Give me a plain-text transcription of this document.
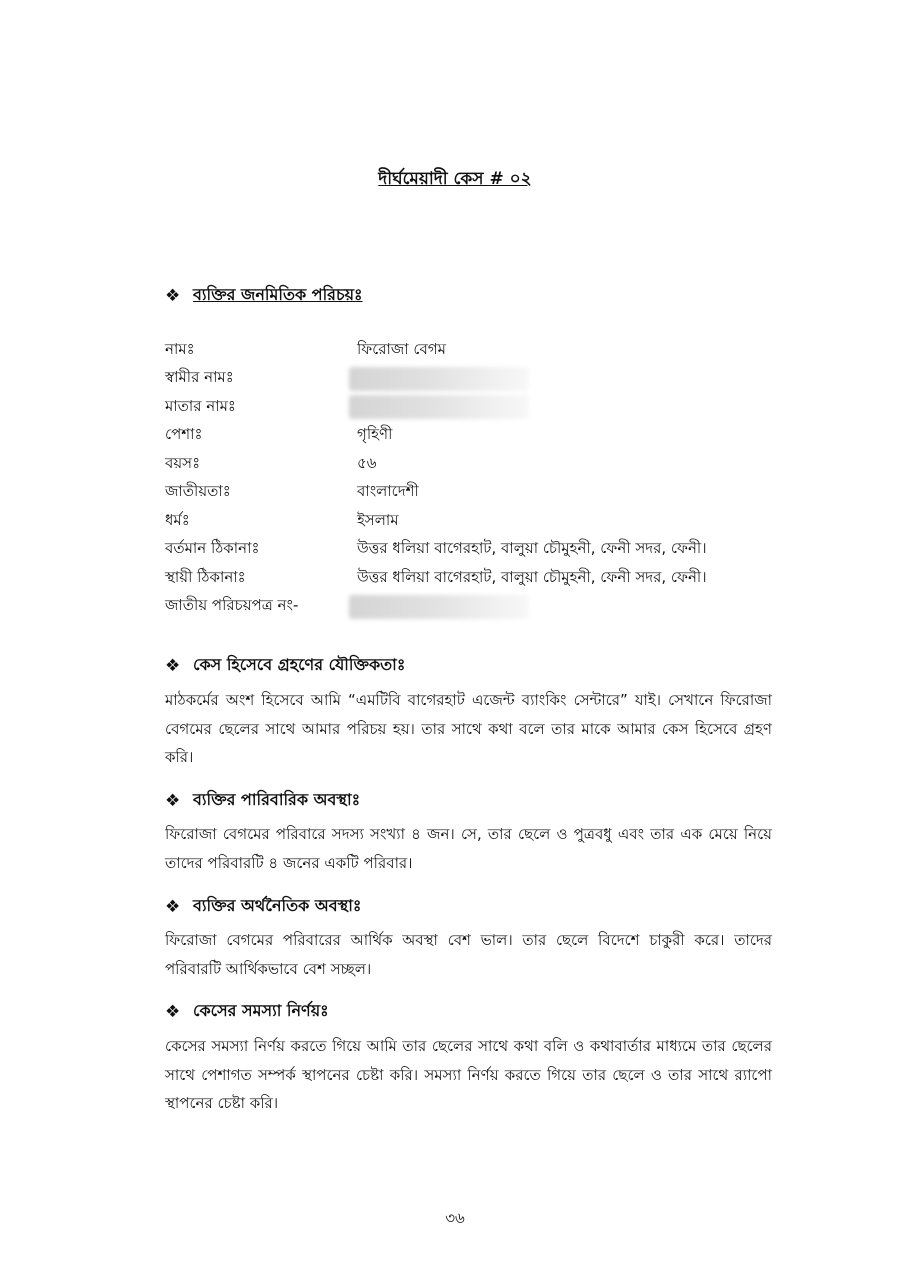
দীর্ঘমেয়াদী কেস # ০২
❖ ব্যক্তির জনমিতিক পরিচয়ঃ
নামঃ	ফিরোজা বেগম
স্বামীর নামঃ
মাতার নামঃ
পেশাঃ	গৃহিণী
বয়সঃ	৫৬
জাতীয়তাঃ	বাংলাদেশী
ধর্মঃ	ইসলাম
বর্তমান ঠিকানাঃ	উত্তর ধলিয়া বাগেরহাট, বালুয়া চৌমুহনী, ফেনী সদর, ফেনী।
স্থায়ী ঠিকানাঃ	উত্তর ধলিয়া বাগেরহাট, বালুয়া চৌমুহনী, ফেনী সদর, ফেনী।
জাতীয় পরিচয়পত্র নং-
❖ কেস হিসেবে গ্রহণের যৌক্তিকতাঃ

মাঠকর্মের অংশ হিসেবে আমি “এমটিবি বাগেরহাট এজেন্ট ব্যাংকিং সেন্টারে” যাই। সেখানে ফিরোজা বেগমের ছেলের সাথে আমার পরিচয় হয়। তার সাথে কথা বলে তার মাকে আমার কেস হিসেবে গ্রহণ করি।

❖ ব্যক্তির পারিবারিক অবস্থাঃ

ফিরোজা বেগমের পরিবারে সদস্য সংখ্যা ৪ জন। সে, তার ছেলে ও পুত্রবধু এবং তার এক মেয়ে নিয়ে তাদের পরিবারটি ৪ জনের একটি পরিবার।

❖ ব্যক্তির অর্থনৈতিক অবস্থাঃ

ফিরোজা বেগমের পরিবারের আর্থিক অবস্থা বেশ ভাল। তার ছেলে বিদেশে চাকুরী করে। তাদের পরিবারটি আর্থিকভাবে বেশ সচ্ছল।

❖ কেসের সমস্যা নির্ণয়ঃ

কেসের সমস্যা নির্ণয় করতে গিয়ে আমি তার ছেলের সাথে কথা বলি ও কথাবার্তার মাধ্যমে তার ছেলের সাথে পেশাগত সম্পর্ক স্থাপনের চেষ্টা করি। সমস্যা নির্ণয় করতে গিয়ে তার ছেলে ও তার সাথে র‍্যাপো স্থাপনের চেষ্টা করি।

৩৬
